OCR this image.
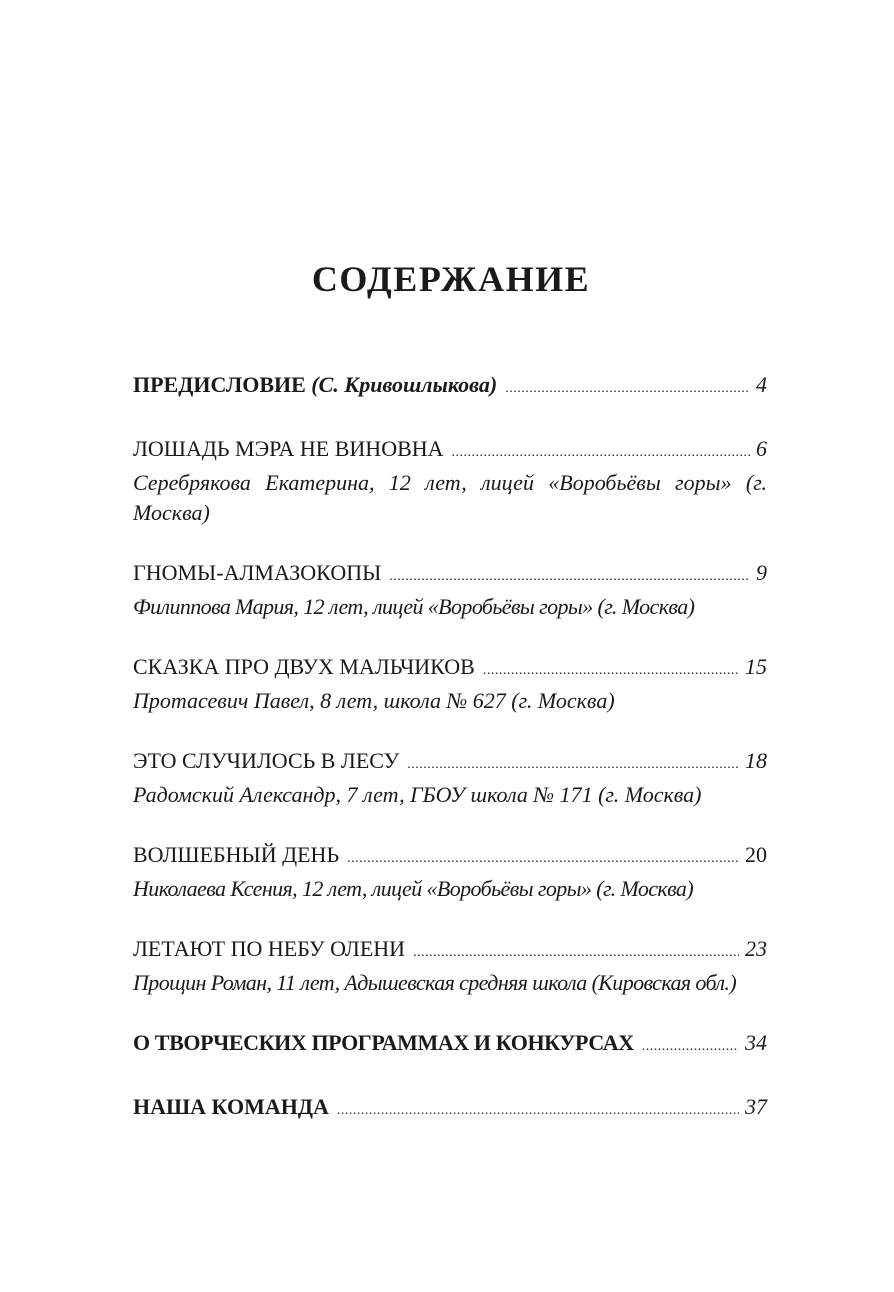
СОДЕРЖАНИЕ
ПРЕДИСЛОВИЕ (С. Кривошлыкова) .....	4
ЛОШАДЬ МЭРА НЕ ВИНОВНА .....	6

Серебрякова Екатерина, 12 лет, лицей «Воробьёвы горы» (г. Москва)

ГНОМЫ-АЛМАЗОКОПЫ .....	9

Филиппова Мария, 12 лет, лицей «Воробьёвы горы» (г. Москва)

СКАЗКА ПРО ДВУХ МАЛЬЧИКОВ .....	15

Протасевич Павел, 8 лет, школа № 627 (г. Москва)

ЭТО СЛУЧИЛОСЬ В ЛЕСУ .....	18

Радомский Александр, 7 лет, ГБОУ школа № 171 (г. Москва)

ВОЛШЕБНЫЙ ДЕНЬ .....	20

Николаева Ксения, 12 лет, лицей «Воробьёвы горы» (г. Москва)

ЛЕТАЮТ ПО НЕБУ ОЛЕНИ .....	23

Прощин Роман, 11 лет, Адышевская средняя школа (Кировская обл.)

О ТВОРЧЕСКИХ ПРОГРАММАХ И КОНКУРСАХ .....	34
НАША КОМАНДА .....	37
